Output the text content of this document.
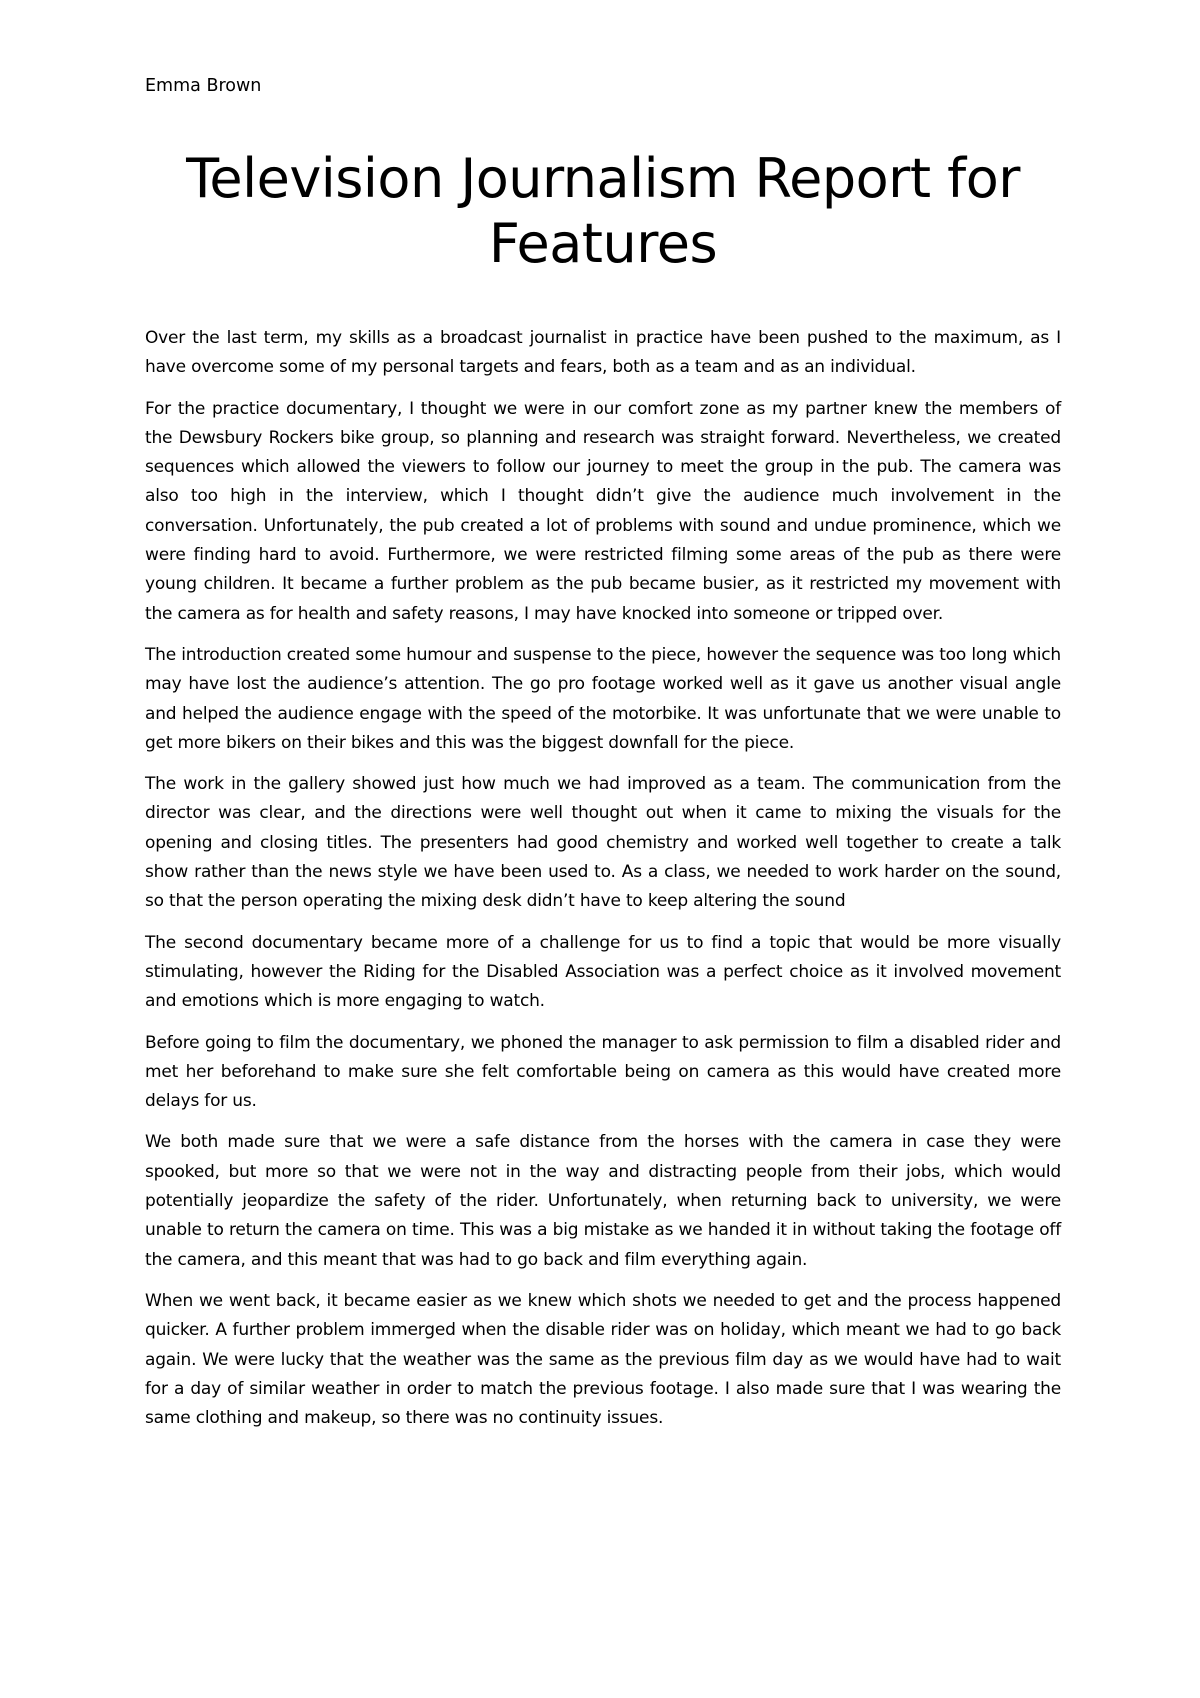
Emma Brown
Television Journalism Report for Features

Over the last term, my skills as a broadcast journalist in practice have been pushed to the maximum, as I have overcome some of my personal targets and fears, both as a team and as an individual.

For the practice documentary, I thought we were in our comfort zone as my partner knew the members of the Dewsbury Rockers bike group, so planning and research was straight forward. Nevertheless, we created sequences which allowed the viewers to follow our journey to meet the group in the pub. The camera was also too high in the interview, which I thought didn’t give the audience much involvement in the conversation. Unfortunately, the pub created a lot of problems with sound and undue prominence, which we were finding hard to avoid. Furthermore, we were restricted filming some areas of the pub as there were young children. It became a further problem as the pub became busier, as it restricted my movement with the camera as for health and safety reasons, I may have knocked into someone or tripped over.

The introduction created some humour and suspense to the piece, however the sequence was too long which may have lost the audience’s attention. The go pro footage worked well as it gave us another visual angle and helped the audience engage with the speed of the motorbike. It was unfortunate that we were unable to get more bikers on their bikes and this was the biggest downfall for the piece.

The work in the gallery showed just how much we had improved as a team. The communication from the director was clear, and the directions were well thought out when it came to mixing the visuals for the opening and closing titles. The presenters had good chemistry and worked well together to create a talk show rather than the news style we have been used to. As a class, we needed to work harder on the sound, so that the person operating the mixing desk didn’t have to keep altering the sound

The second documentary became more of a challenge for us to find a topic that would be more visually stimulating, however the Riding for the Disabled Association was a perfect choice as it involved movement and emotions which is more engaging to watch.

Before going to film the documentary, we phoned the manager to ask permission to film a disabled rider and met her beforehand to make sure she felt comfortable being on camera as this would have created more delays for us.

We both made sure that we were a safe distance from the horses with the camera in case they were spooked, but more so that we were not in the way and distracting people from their jobs, which would potentially jeopardize the safety of the rider. Unfortunately, when returning back to university, we were unable to return the camera on time. This was a big mistake as we handed it in without taking the footage off the camera, and this meant that was had to go back and film everything again.

When we went back, it became easier as we knew which shots we needed to get and the process happened quicker. A further problem immerged when the disable rider was on holiday, which meant we had to go back again. We were lucky that the weather was the same as the previous film day as we would have had to wait for a day of similar weather in order to match the previous footage. I also made sure that I was wearing the same clothing and makeup, so there was no continuity issues.
